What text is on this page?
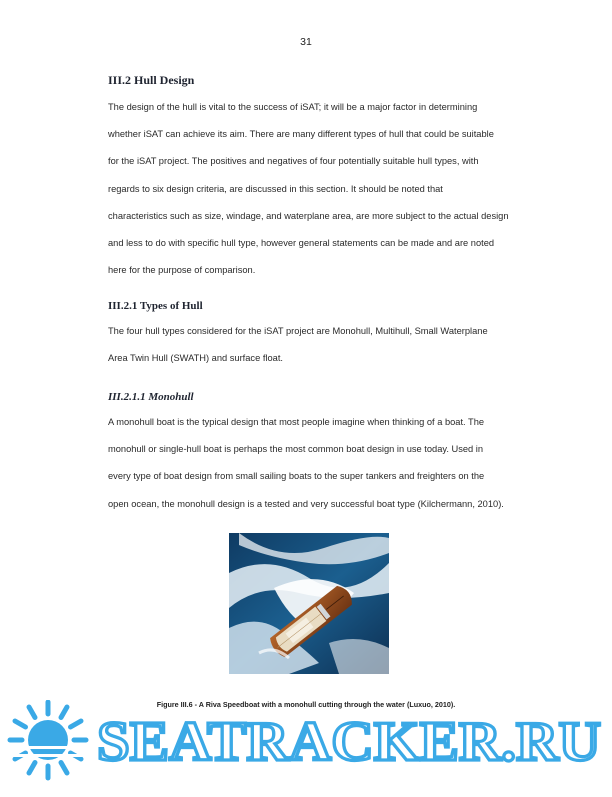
31
III.2 Hull Design
The design of the hull is vital to the success of iSAT; it will be a major factor in determining
whether iSAT can achieve its aim. There are many different types of hull that could be suitable
for the iSAT project. The positives and negatives of four potentially suitable hull types, with
regards to six design criteria, are discussed in this section. It should be noted that
characteristics such as size, windage, and waterplane area, are more subject to the actual design
and less to do with specific hull type, however general statements can be made and are noted
here for the purpose of comparison.
III.2.1 Types of Hull
The four hull types considered for the iSAT project are Monohull, Multihull, Small Waterplane
Area Twin Hull (SWATH) and surface float.
III.2.1.1 Monohull
A monohull boat is the typical design that most people imagine when thinking of a boat. The
monohull or single-hull boat is perhaps the most common boat design in use today. Used in
every type of boat design from small sailing boats to the super tankers and freighters on the
open ocean, the monohull design is a tested and very successful boat type (Kilchermann, 2010).
Figure III.6 - A Riva Speedboat with a monohull cutting through the water (Luxuo, 2010).
SEATRACKER.RU
